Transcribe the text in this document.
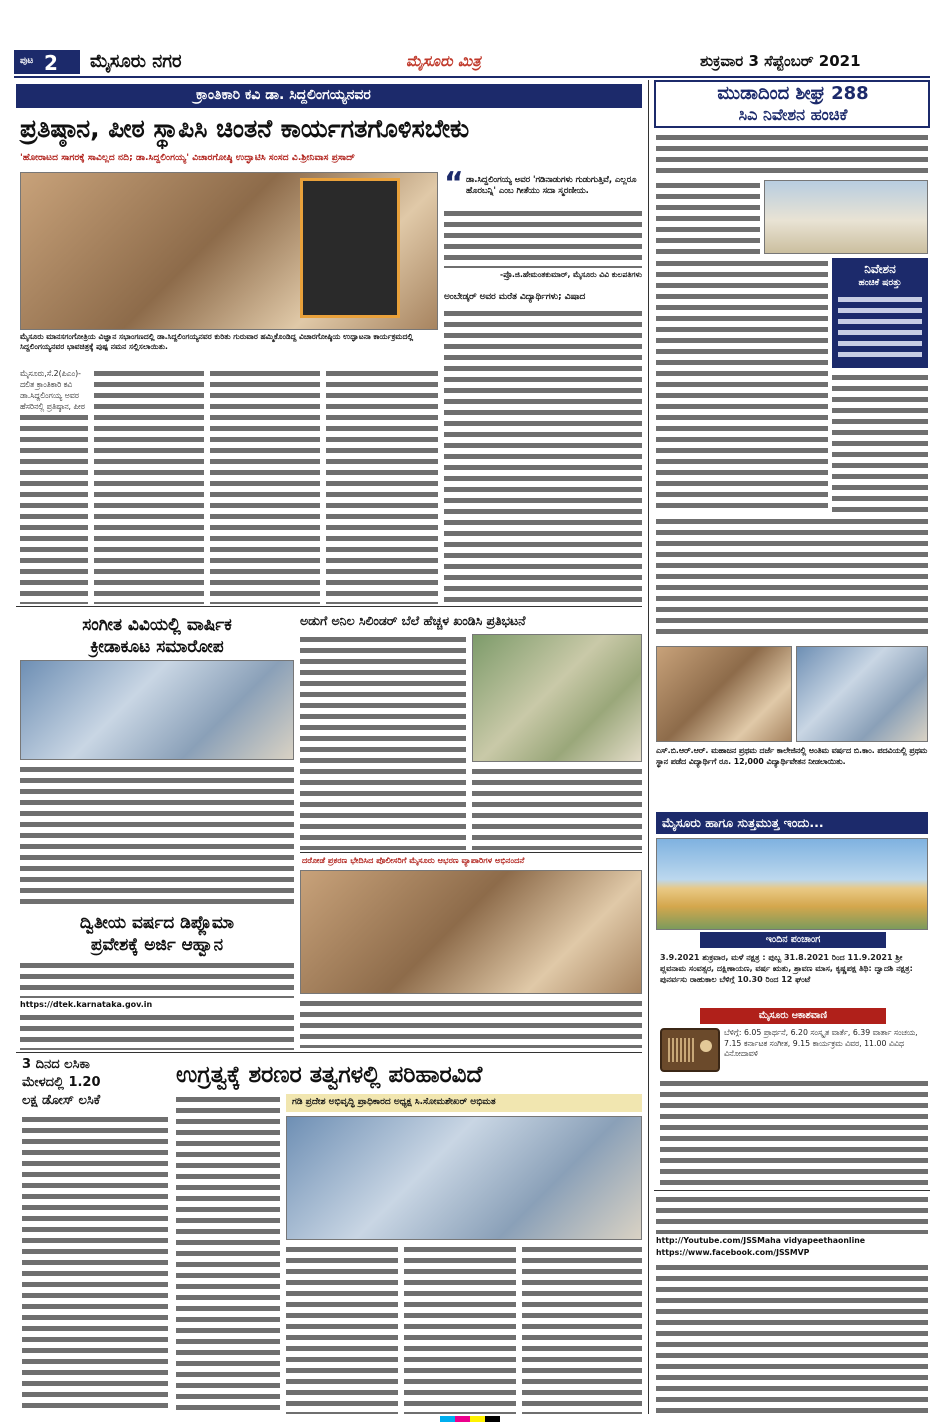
ಪುಟ 2 ಮೈಸೂರು ನಗರ	ಮೈಸೂರು ಮಿತ್ರ	ಶುಕ್ರವಾರ 3 ಸೆಪ್ಟೆಂಬರ್ 2021
ಕ್ರಾಂತಿಕಾರಿ ಕವಿ ಡಾ. ಸಿದ್ದಲಿಂಗಯ್ಯನವರ
ಪ್ರತಿಷ್ಠಾನ, ಪೀಠ ಸ್ಥಾಪಿಸಿ ಚಿಂತನೆ ಕಾರ್ಯಗತಗೊಳಿಸಬೇಕು
'ಹೋರಾಟದ ಸಾಗರಕ್ಕೆ ಸಾವಿಲ್ಲದ ನದಿ; ಡಾ.ಸಿದ್ದಲಿಂಗಯ್ಯ' ವಿಚಾರಗೋಷ್ಠಿ ಉದ್ಘಾಟಿಸಿ ಸಂಸದ ವಿ.ಶ್ರೀನಿವಾಸ ಪ್ರಸಾದ್
ಮೈಸೂರು ಮಾನಸಗಂಗೋತ್ರಿಯ ವಿಜ್ಞಾನ ಸಭಾಂಗಣದಲ್ಲಿ ಡಾ.ಸಿದ್ದಲಿಂಗಯ್ಯನವರ ಕುರಿತು ಗುರುವಾರ ಹಮ್ಮಿಕೊಂಡಿದ್ದ ವಿಚಾರಗೋಷ್ಠಿಯ ಉದ್ಘಾಟನಾ ಕಾರ್ಯಕ್ರಮದಲ್ಲಿ ಸಿದ್ದಲಿಂಗಯ್ಯನವರ ಭಾವಚಿತ್ರಕ್ಕೆ ಪುಷ್ಪ ನಮನ ಸಲ್ಲಿಸಲಾಯಿತು.
“ ಡಾ.ಸಿದ್ದಲಿಂಗಯ್ಯ ಅವರ 'ಗಡಿನಾಡುಗಳು ಗುಡುಗುತ್ತಿವೆ, ಎಲ್ಲರೂ ಹೊರಬನ್ನಿ' ಎಂಬ ಗೀತೆಯು ಸದಾ ಸ್ಮರಣೀಯ.
-ಪ್ರೊ.ಜಿ.ಹೇಮಂತಕುಮಾರ್, ಮೈಸೂರು ವಿವಿ ಕುಲಪತಿಗಳು
ಅಂಬೇಡ್ಕರ್ ಅವರ ಮರೆತ ವಿದ್ಯಾರ್ಥಿಗಳು; ವಿಷಾದ
ಮೈಸೂರು,ಸೆ.2(ಪಿಎಂ)-ದಲಿತ ಕ್ರಾಂತಿಕಾರಿ ಕವಿ ಡಾ.ಸಿದ್ದಲಿಂಗಯ್ಯ ಅವರ ಹೆಸರಿನಲ್ಲಿ ಪ್ರತಿಷ್ಠಾನ, ಪೀಠ
ಸಂಗೀತ ವಿವಿಯಲ್ಲಿ ವಾರ್ಷಿಕ
ಕ್ರೀಡಾಕೂಟ ಸಮಾರೋಪ
ದ್ವಿತೀಯ ವರ್ಷದ ಡಿಪ್ಲೊಮಾ
ಪ್ರವೇಶಕ್ಕೆ ಅರ್ಜಿ ಆಹ್ವಾನ
https://dtek.karnataka.gov.in
ಅಡುಗೆ ಅನಿಲ ಸಿಲಿಂಡರ್ ಬೆಲೆ ಹೆಚ್ಚಳ ಖಂಡಿಸಿ ಪ್ರತಿಭಟನೆ
ದರೋಡೆ ಪ್ರಕರಣ ಭೇದಿಸಿದ ಪೊಲೀಸರಿಗೆ ಮೈಸೂರು ಆಭರಣ ವ್ಯಾಪಾರಿಗಳ ಅಭಿನಂದನೆ
3 ದಿನದ ಲಸಿಕಾ
ಮೇಳದಲ್ಲಿ 1.20
ಲಕ್ಷ ಡೋಸ್ ಲಸಿಕೆ
ಉಗ್ರತ್ವಕ್ಕೆ ಶರಣರ ತತ್ವಗಳಲ್ಲಿ ಪರಿಹಾರವಿದೆ
ಗಡಿ ಪ್ರದೇಶ ಅಭಿವೃದ್ಧಿ ಪ್ರಾಧಿಕಾರದ ಅಧ್ಯಕ್ಷ ಸಿ.ಸೋಮಶೇಖರ್ ಅಭಿಮತ
ಮುಡಾದಿಂದ ಶೀಘ್ರ 288
ಸಿಎ ನಿವೇಶನ ಹಂಚಿಕೆ
ನಿವೇಶನ
ಹಂಚಿಕೆ ಷರತ್ತು
ಎಸ್.ಬಿ.ಆರ್.ಆರ್. ಮಹಾಜನ ಪ್ರಥಮ ದರ್ಜೆ ಕಾಲೇಜಿನಲ್ಲಿ ಅಂತಿಮ ವರ್ಷದ ಬಿ.ಕಾಂ. ಪದವಿಯಲ್ಲಿ ಪ್ರಥಮ ಸ್ಥಾನ ಪಡೆದ ವಿದ್ಯಾರ್ಥಿಗೆ ರೂ. 12,000 ವಿದ್ಯಾರ್ಥಿವೇತನ ನೀಡಲಾಯಿತು.
ಮೈಸೂರು ಹಾಗೂ ಸುತ್ತಮುತ್ತ ಇಂದು...
ಇಂದಿನ ಪಂಚಾಂಗ
3.9.2021 ಶುಕ್ರವಾರ, ಮಳೆ ನಕ್ಷತ್ರ : ಪುಬ್ಬ 31.8.2021 ರಿಂದ 11.9.2021 ಶ್ರೀ ಪ್ಲವನಾಮ ಸಂವತ್ಸರ, ದಕ್ಷಿಣಾಯಣ, ವರ್ಷ ಋತು, ಶ್ರಾವಣ ಮಾಸ, ಕೃಷ್ಣಪಕ್ಷ ತಿಥಿ: ದ್ವಾದಶಿ ನಕ್ಷತ್ರ: ಪುನರ್ವಸು ರಾಹುಕಾಲ ಬೆಳಿಗ್ಗೆ 10.30 ರಿಂದ 12 ಘಂಟೆ
ಮೈಸೂರು ಆಕಾಶವಾಣಿ
ಬೆಳಿಗ್ಗೆ: 6.05 ಪ್ರಾರ್ಥನೆ, 6.20 ಸಂಸ್ಕೃತ ವಾರ್ತೆ, 6.39 ವಾರ್ತಾ ಸಂಚಯ, 7.15 ಕರ್ನಾಟಕ ಸಂಗೀತ, 9.15 ಕಾರ್ಯಕ್ರಮ ವಿವರ, 11.00 ವಿವಿಧ ವಿನೋದಾವಳಿ
http://Youtube.com/JSSMaha vidyapeethaonline
https://www.facebook.com/JSSMVP
